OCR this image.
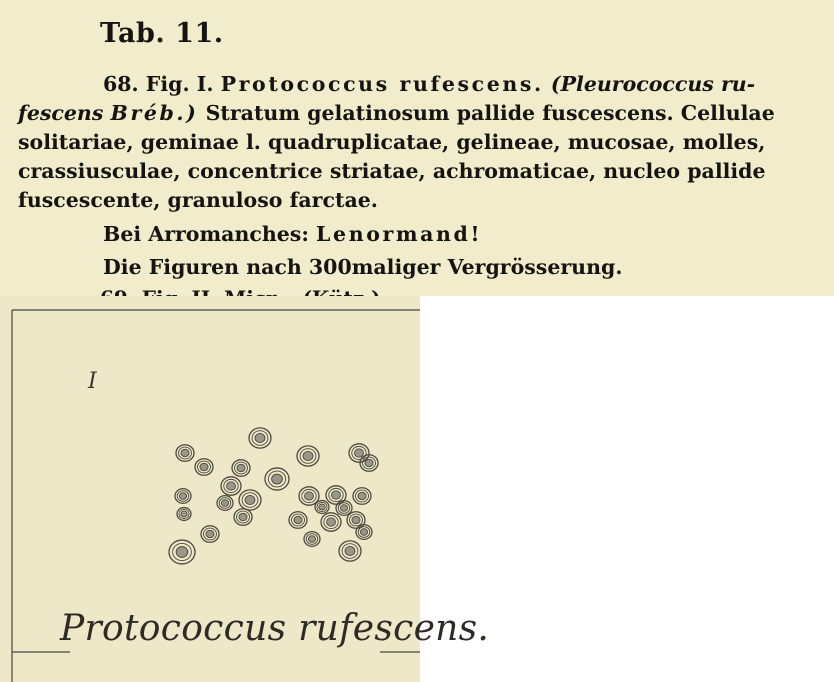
Tab. 11.
68. Fig. I. Protococcus rufescens. (Pleurococcus ru-
fescens Bréb.) Stratum gelatinosum pallide fuscescens. Cellulae
solitariae, geminae l. quadruplicatae, gelineae, mucosae, molles,
crassiusculae, concentrice striatae, achromaticae, nucleo pallide
fuscescente, granuloso farctae.
Bei Arromanches: Lenormand!
Die Figuren nach 300maliger Vergrösserung.
I
Protococcus rufescens.
